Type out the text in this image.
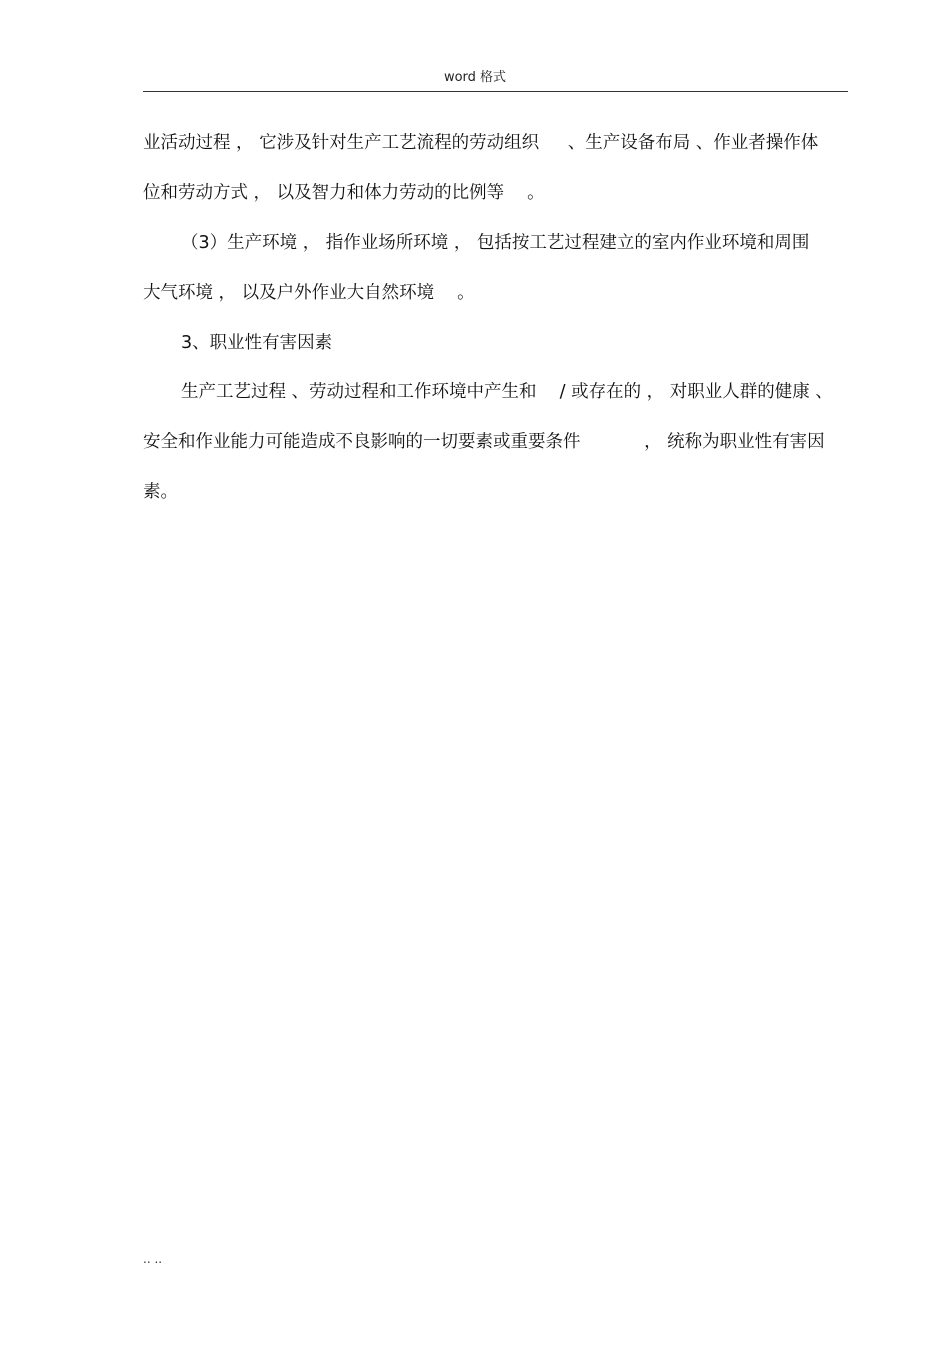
word 格式
业活动过程 ， 它涉及针对生产工艺流程的劳动组织 　 、生产设备布局 、作业者操作体
位和劳动方式 ， 以及智力和体力劳动的比例等 　。
（3）生产环境 ， 指作业场所环境 ， 包括按工艺过程建立的室内作业环境和周围
大气环境 ， 以及户外作业大自然环境 　。
3、职业性有害因素
生产工艺过程 、劳动过程和工作环境中产生和 　/ 或存在的 ， 对职业人群的健康 、
安全和作业能力可能造成不良影响的一切要素或重要条件 　　　 ， 统称为职业性有害因
素。
.. ..
